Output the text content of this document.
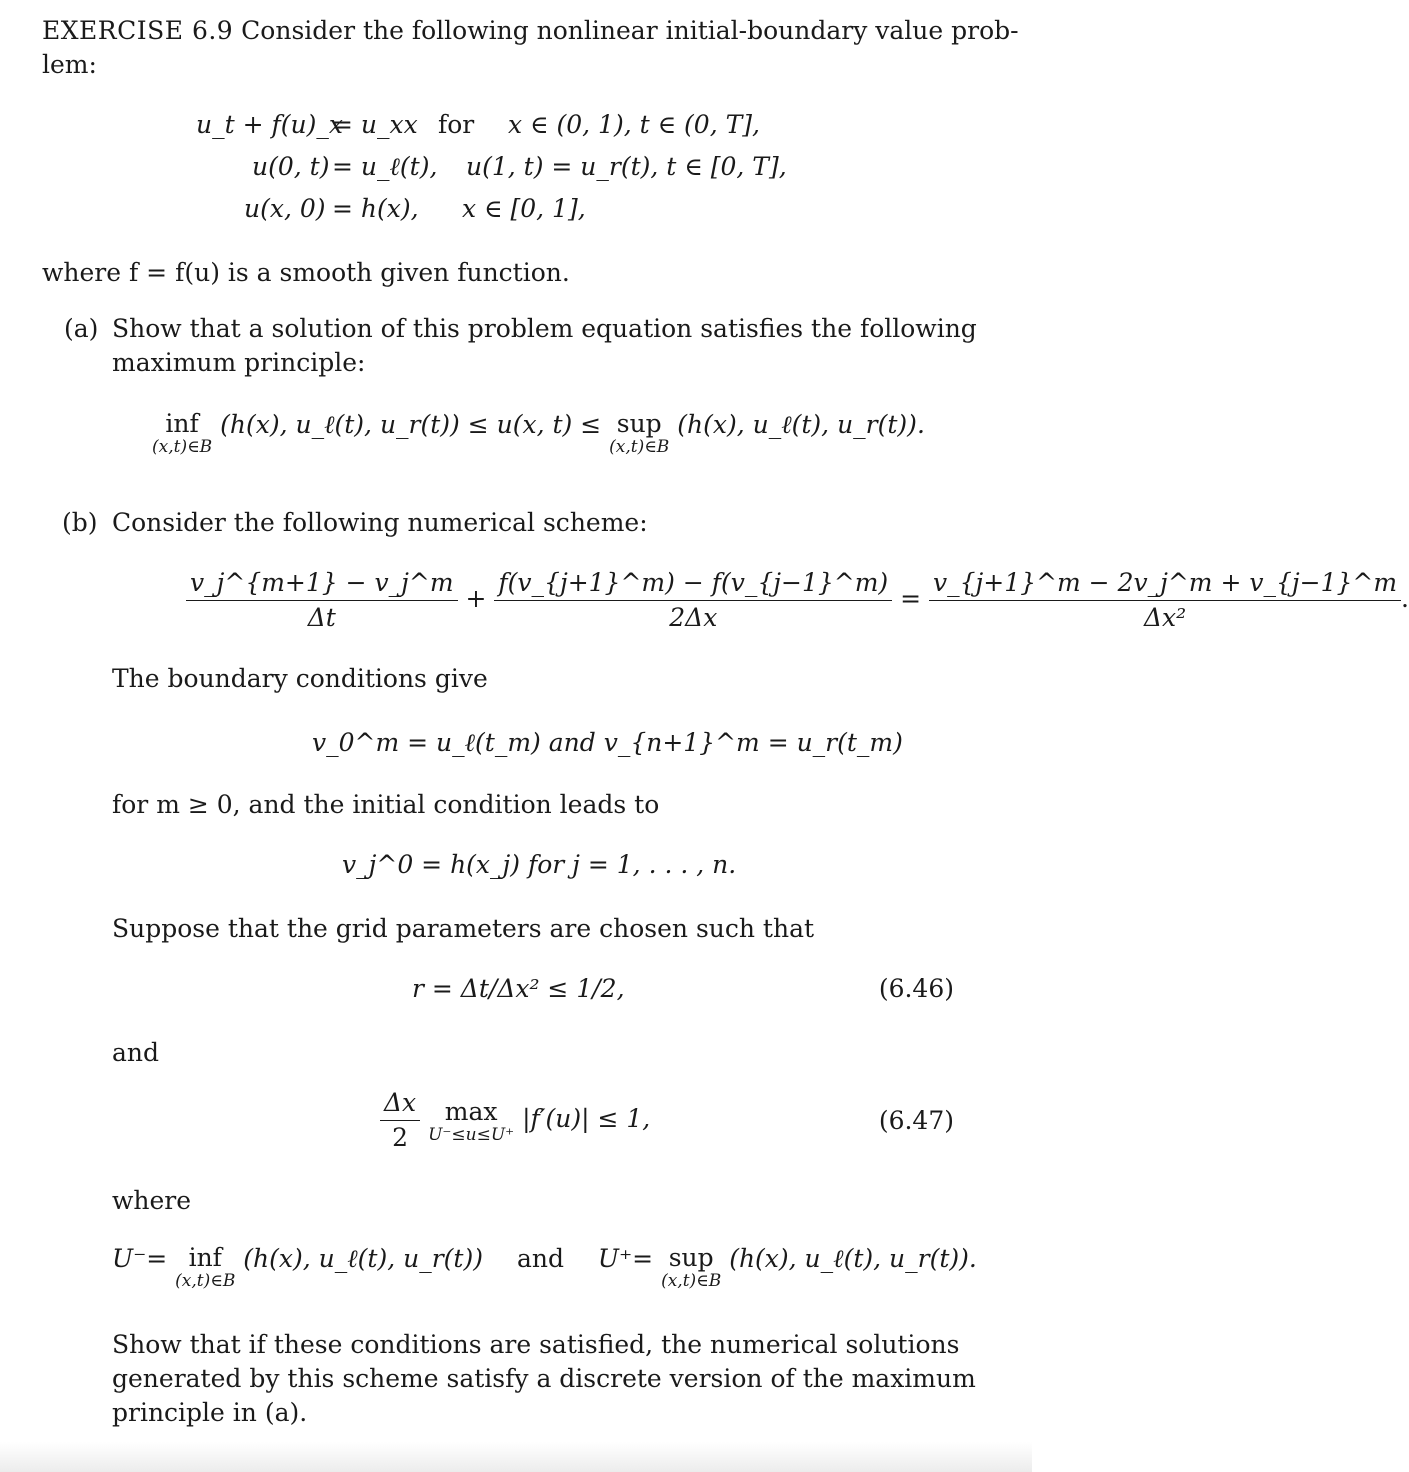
EXERCISE 6.9 Consider the following nonlinear initial-boundary value prob-
lem:
u_t + f(u)_x
= u_xx for x ∈ (0, 1), t ∈ (0, T],
u(0, t) = u_ℓ(t), u(1, t) = u_r(t), t ∈ [0, T],
u(x, 0) = h(x), x ∈ [0, 1],
where f = f(u) is a smooth given function.
(a) Show that a solution of this problem equation satisfies the following
maximum principle:
inf
(x,t)∈B
(h(x), u_ℓ(t), u_r(t)) ≤ u(x, t) ≤ sup
(x,t)∈B
(h(x), u_ℓ(t), u_r(t)).
(b) Consider the following numerical scheme:
$\frac{v\_j\^{}\{m+1\} - v\_j\^{}m}{\Delta t} + \frac{f(v\_\{j+1\}\^{}m) - f(v\_\{j-1\}\^{}m)}{2\Delta x} = \frac{v\_\{j+1\}\^{}m - 2v\_j\^{}m + v\_\{j-1\}\^{}m}{\text{Δx²}}$ .
The boundary conditions give
v_0^m = u_ℓ(t_m) and v_{n+1}^m = u_r(t_m)
for m ≥ 0, and the initial condition leads to
v_j^0 = h(x_j) for j = 1, . . . , n.
Suppose that the grid parameters are chosen such that
r = Δt/Δx² ≤ 1/2,	(6.46)
and
$\frac{\Delta x}{2}$
max
U⁻≤u≤U⁺
|f′(u)| ≤ 1,	(6.47)
where
U⁻= inf
(x,t)∈B
(h(x), u_ℓ(t), u_r(t)) and U⁺= sup
(x,t)∈B
(h(x), u_ℓ(t), u_r(t)).
Show that if these conditions are satisfied, the numerical solutions
generated by this scheme satisfy a discrete version of the maximum
principle in (a).
